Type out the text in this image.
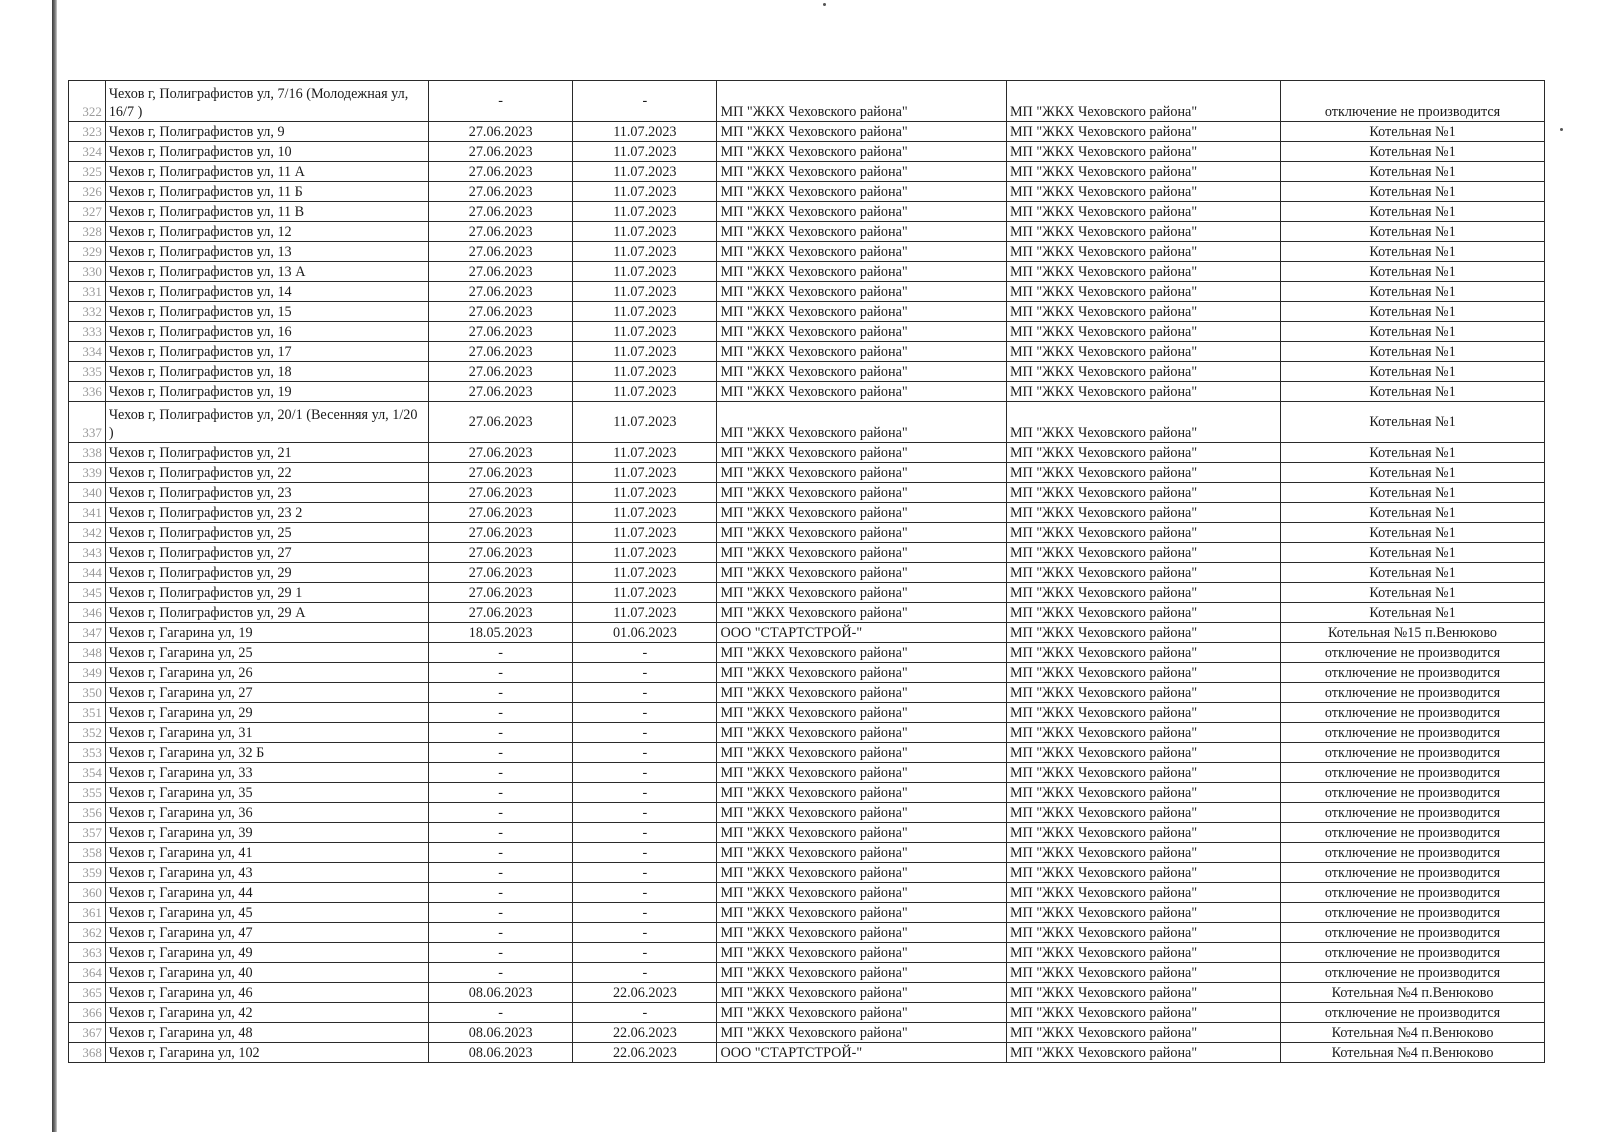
322	Чехов г, Полиграфистов ул, 7/16 (Молодежная ул, 16/7 )	-	-	МП "ЖКХ Чеховского района"	МП "ЖКХ Чеховского района"	отключение не производится
323	Чехов г, Полиграфистов ул, 9	27.06.2023	11.07.2023	МП "ЖКХ Чеховского района"	МП "ЖКХ Чеховского района"	Котельная №1
324	Чехов г, Полиграфистов ул, 10	27.06.2023	11.07.2023	МП "ЖКХ Чеховского района"	МП "ЖКХ Чеховского района"	Котельная №1
325	Чехов г, Полиграфистов ул, 11 А	27.06.2023	11.07.2023	МП "ЖКХ Чеховского района"	МП "ЖКХ Чеховского района"	Котельная №1
326	Чехов г, Полиграфистов ул, 11 Б	27.06.2023	11.07.2023	МП "ЖКХ Чеховского района"	МП "ЖКХ Чеховского района"	Котельная №1
327	Чехов г, Полиграфистов ул, 11 В	27.06.2023	11.07.2023	МП "ЖКХ Чеховского района"	МП "ЖКХ Чеховского района"	Котельная №1
328	Чехов г, Полиграфистов ул, 12	27.06.2023	11.07.2023	МП "ЖКХ Чеховского района"	МП "ЖКХ Чеховского района"	Котельная №1
329	Чехов г, Полиграфистов ул, 13	27.06.2023	11.07.2023	МП "ЖКХ Чеховского района"	МП "ЖКХ Чеховского района"	Котельная №1
330	Чехов г, Полиграфистов ул, 13 А	27.06.2023	11.07.2023	МП "ЖКХ Чеховского района"	МП "ЖКХ Чеховского района"	Котельная №1
331	Чехов г, Полиграфистов ул, 14	27.06.2023	11.07.2023	МП "ЖКХ Чеховского района"	МП "ЖКХ Чеховского района"	Котельная №1
332	Чехов г, Полиграфистов ул, 15	27.06.2023	11.07.2023	МП "ЖКХ Чеховского района"	МП "ЖКХ Чеховского района"	Котельная №1
333	Чехов г, Полиграфистов ул, 16	27.06.2023	11.07.2023	МП "ЖКХ Чеховского района"	МП "ЖКХ Чеховского района"	Котельная №1
334	Чехов г, Полиграфистов ул, 17	27.06.2023	11.07.2023	МП "ЖКХ Чеховского района"	МП "ЖКХ Чеховского района"	Котельная №1
335	Чехов г, Полиграфистов ул, 18	27.06.2023	11.07.2023	МП "ЖКХ Чеховского района"	МП "ЖКХ Чеховского района"	Котельная №1
336	Чехов г, Полиграфистов ул, 19	27.06.2023	11.07.2023	МП "ЖКХ Чеховского района"	МП "ЖКХ Чеховского района"	Котельная №1
337	Чехов г, Полиграфистов ул, 20/1 (Весенняя ул, 1/20 )	27.06.2023	11.07.2023	МП "ЖКХ Чеховского района"	МП "ЖКХ Чеховского района"	Котельная №1
338	Чехов г, Полиграфистов ул, 21	27.06.2023	11.07.2023	МП "ЖКХ Чеховского района"	МП "ЖКХ Чеховского района"	Котельная №1
339	Чехов г, Полиграфистов ул, 22	27.06.2023	11.07.2023	МП "ЖКХ Чеховского района"	МП "ЖКХ Чеховского района"	Котельная №1
340	Чехов г, Полиграфистов ул, 23	27.06.2023	11.07.2023	МП "ЖКХ Чеховского района"	МП "ЖКХ Чеховского района"	Котельная №1
341	Чехов г, Полиграфистов ул, 23 2	27.06.2023	11.07.2023	МП "ЖКХ Чеховского района"	МП "ЖКХ Чеховского района"	Котельная №1
342	Чехов г, Полиграфистов ул, 25	27.06.2023	11.07.2023	МП "ЖКХ Чеховского района"	МП "ЖКХ Чеховского района"	Котельная №1
343	Чехов г, Полиграфистов ул, 27	27.06.2023	11.07.2023	МП "ЖКХ Чеховского района"	МП "ЖКХ Чеховского района"	Котельная №1
344	Чехов г, Полиграфистов ул, 29	27.06.2023	11.07.2023	МП "ЖКХ Чеховского района"	МП "ЖКХ Чеховского района"	Котельная №1
345	Чехов г, Полиграфистов ул, 29 1	27.06.2023	11.07.2023	МП "ЖКХ Чеховского района"	МП "ЖКХ Чеховского района"	Котельная №1
346	Чехов г, Полиграфистов ул, 29 А	27.06.2023	11.07.2023	МП "ЖКХ Чеховского района"	МП "ЖКХ Чеховского района"	Котельная №1
347	Чехов г, Гагарина ул, 19	18.05.2023	01.06.2023	ООО "СТАРТСТРОЙ-"	МП "ЖКХ Чеховского района"	Котельная №15 п.Венюково
348	Чехов г, Гагарина ул, 25	-	-	МП "ЖКХ Чеховского района"	МП "ЖКХ Чеховского района"	отключение не производится
349	Чехов г, Гагарина ул, 26	-	-	МП "ЖКХ Чеховского района"	МП "ЖКХ Чеховского района"	отключение не производится
350	Чехов г, Гагарина ул, 27	-	-	МП "ЖКХ Чеховского района"	МП "ЖКХ Чеховского района"	отключение не производится
351	Чехов г, Гагарина ул, 29	-	-	МП "ЖКХ Чеховского района"	МП "ЖКХ Чеховского района"	отключение не производится
352	Чехов г, Гагарина ул, 31	-	-	МП "ЖКХ Чеховского района"	МП "ЖКХ Чеховского района"	отключение не производится
353	Чехов г, Гагарина ул, 32 Б	-	-	МП "ЖКХ Чеховского района"	МП "ЖКХ Чеховского района"	отключение не производится
354	Чехов г, Гагарина ул, 33	-	-	МП "ЖКХ Чеховского района"	МП "ЖКХ Чеховского района"	отключение не производится
355	Чехов г, Гагарина ул, 35	-	-	МП "ЖКХ Чеховского района"	МП "ЖКХ Чеховского района"	отключение не производится
356	Чехов г, Гагарина ул, 36	-	-	МП "ЖКХ Чеховского района"	МП "ЖКХ Чеховского района"	отключение не производится
357	Чехов г, Гагарина ул, 39	-	-	МП "ЖКХ Чеховского района"	МП "ЖКХ Чеховского района"	отключение не производится
358	Чехов г, Гагарина ул, 41	-	-	МП "ЖКХ Чеховского района"	МП "ЖКХ Чеховского района"	отключение не производится
359	Чехов г, Гагарина ул, 43	-	-	МП "ЖКХ Чеховского района"	МП "ЖКХ Чеховского района"	отключение не производится
360	Чехов г, Гагарина ул, 44	-	-	МП "ЖКХ Чеховского района"	МП "ЖКХ Чеховского района"	отключение не производится
361	Чехов г, Гагарина ул, 45	-	-	МП "ЖКХ Чеховского района"	МП "ЖКХ Чеховского района"	отключение не производится
362	Чехов г, Гагарина ул, 47	-	-	МП "ЖКХ Чеховского района"	МП "ЖКХ Чеховского района"	отключение не производится
363	Чехов г, Гагарина ул, 49	-	-	МП "ЖКХ Чеховского района"	МП "ЖКХ Чеховского района"	отключение не производится
364	Чехов г, Гагарина ул, 40	-	-	МП "ЖКХ Чеховского района"	МП "ЖКХ Чеховского района"	отключение не производится
365	Чехов г, Гагарина ул, 46	08.06.2023	22.06.2023	МП "ЖКХ Чеховского района"	МП "ЖКХ Чеховского района"	Котельная №4 п.Венюково
366	Чехов г, Гагарина ул, 42	-	-	МП "ЖКХ Чеховского района"	МП "ЖКХ Чеховского района"	отключение не производится
367	Чехов г, Гагарина ул, 48	08.06.2023	22.06.2023	МП "ЖКХ Чеховского района"	МП "ЖКХ Чеховского района"	Котельная №4 п.Венюково
368	Чехов г, Гагарина ул, 102	08.06.2023	22.06.2023	ООО "СТАРТСТРОЙ-"	МП "ЖКХ Чеховского района"	Котельная №4 п.Венюково
